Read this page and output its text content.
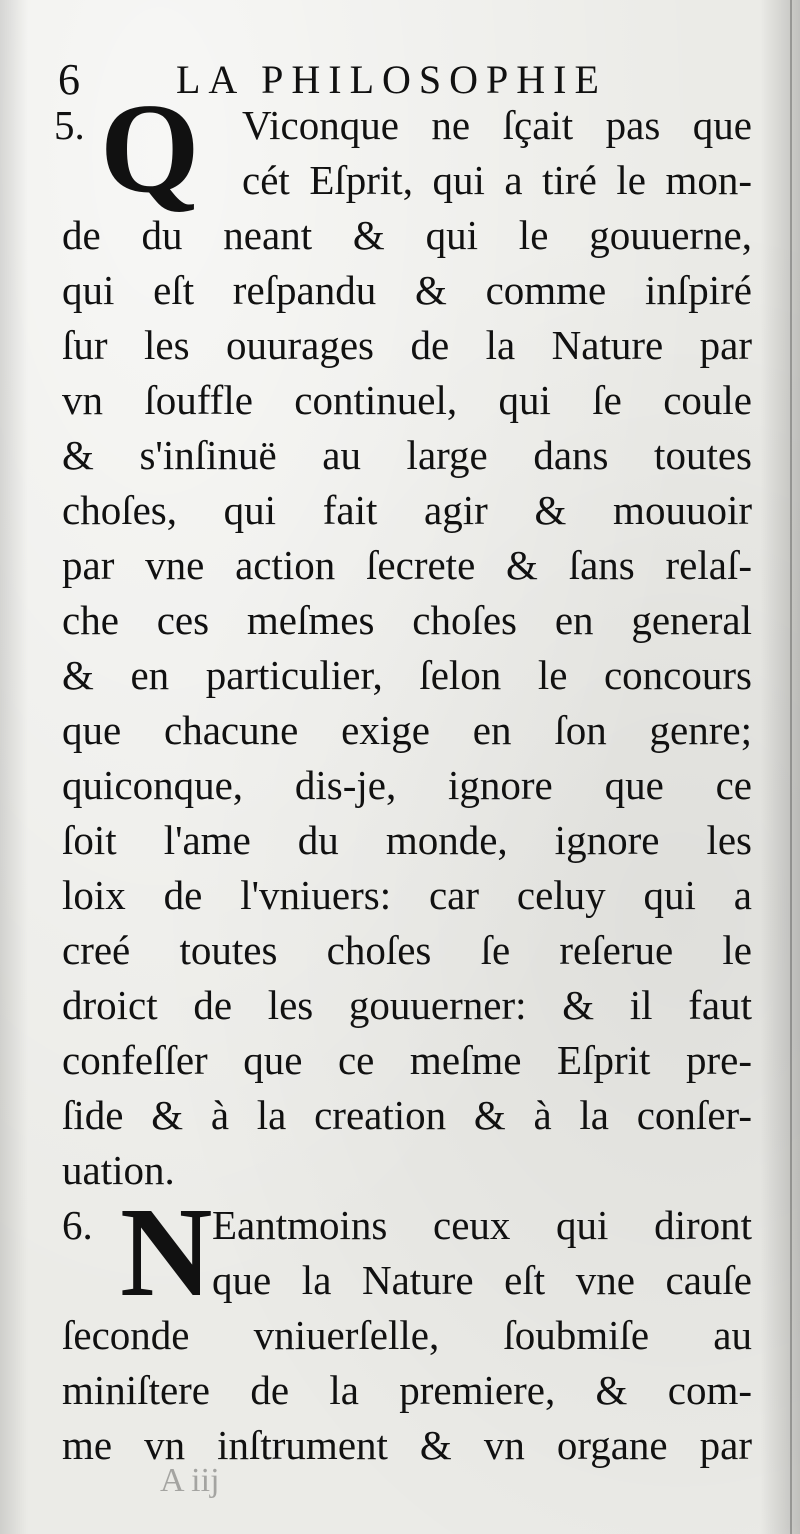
6 LA PHILOSOPHIE
5. Q	Viconque ne ſçait pas que
cét Eſprit, qui a tiré le mon-
de du neant & qui le gouuerne,
qui eſt reſpandu & comme inſpiré
ſur les ouurages de la Nature par
vn ſouffle continuel, qui ſe coule
& s'inſinuë au large dans toutes
choſes, qui fait agir & mouuoir
par vne action ſecrete & ſans relaſ-
che ces meſmes choſes en general
& en particulier, ſelon le concours
que chacune exige en ſon genre;
quiconque, dis-je, ignore que ce
ſoit l'ame du monde, ignore les
loix de l'vniuers: car celuy qui a
creé toutes choſes ſe reſerue le
droict de les gouuerner: & il faut
confeſſer que ce meſme Eſprit pre-
ſide & à la creation & à la conſer-
uation.
6. N Eantmoins ceux qui diront
que la Nature eſt vne cauſe
ſeconde vniuerſelle, ſoubmiſe au
miniſtere de la premiere, & com-
me vn inſtrument & vn organe par
A iij
